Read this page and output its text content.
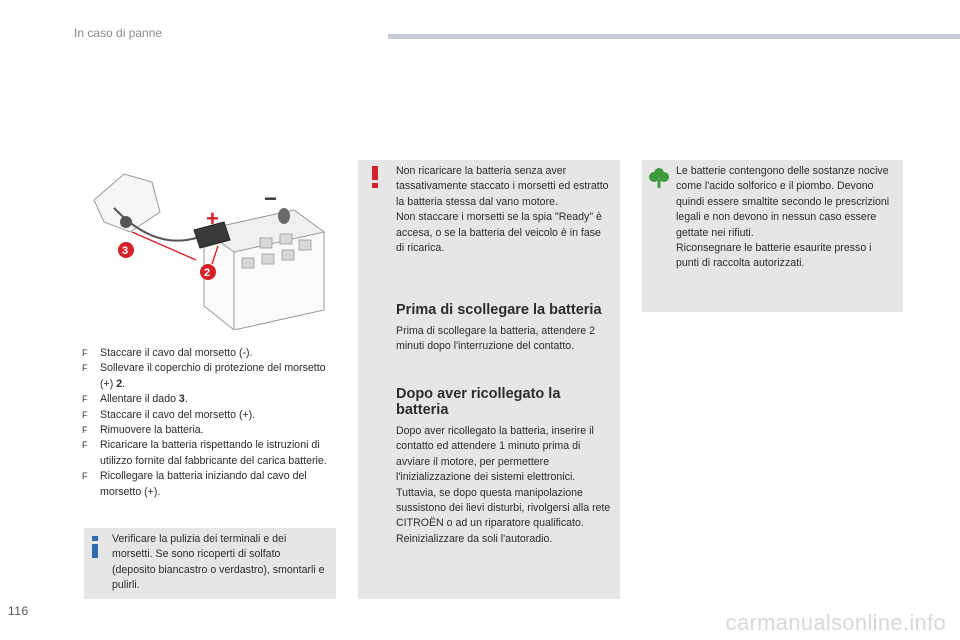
In caso di panne
+
−
3
2
F Staccare il cavo dal morsetto (-).
F Sollevare il coperchio di protezione del morsetto (+) 2.
F Allentare il dado 3.
F Staccare il cavo del morsetto (+).
F Rimuovere la batteria.
F Ricaricare la batteria rispettando le istruzioni di utilizzo fornite dal fabbricante del carica batterie.
F Ricollegare la batteria iniziando dal cavo del morsetto (+).
Verificare la pulizia dei terminali e dei morsetti. Se sono ricoperti di solfato (deposito biancastro o verdastro), smontarli e pulirli.
Non ricaricare la batteria senza aver tassativamente staccato i morsetti ed estratto la batteria stessa dal vano motore.
Non staccare i morsetti se la spia "Ready" è accesa, o se la batteria del veicolo è in fase di ricarica.
Prima di scollegare la batteria
Prima di scollegare la batteria, attendere 2 minuti dopo l'interruzione del contatto.
Dopo aver ricollegato la batteria
Dopo aver ricollegato la batteria, inserire il contatto ed attendere 1 minuto prima di avviare il motore, per permettere l'inizializzazione dei sistemi elettronici. Tuttavia, se dopo questa manipolazione sussistono dei lievi disturbi, rivolgersi alla rete CITROËN o ad un riparatore qualificato.
Reinizializzare da soli l'autoradio.
Le batterie contengono delle sostanze nocive come l'acido solforico e il piombo. Devono quindi essere smaltite secondo le prescrizioni legali e non devono in nessun caso essere gettate nei rifiuti.
Riconsegnare le batterie esaurite presso i punti di raccolta autorizzati.
116	carmanualsonline.info
